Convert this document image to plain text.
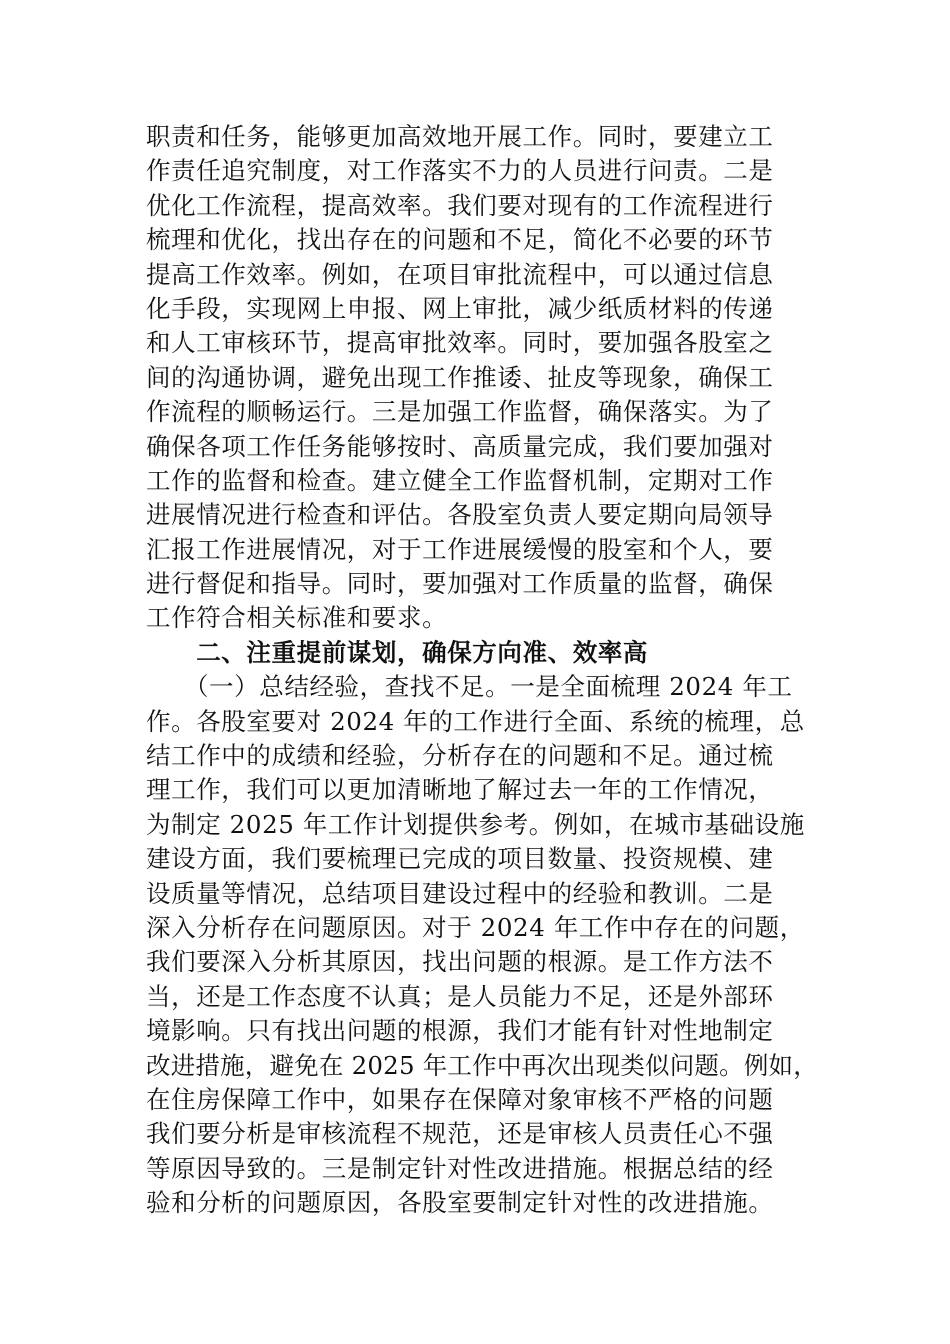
职责和任务，能够更加高效地开展工作。同时，要建立工
作责任追究制度，对工作落实不力的人员进行问责。二是
优化工作流程，提高效率。我们要对现有的工作流程进行
梳理和优化，找出存在的问题和不足，简化不必要的环节
提高工作效率。例如，在项目审批流程中，可以通过信息
化手段，实现网上申报、网上审批，减少纸质材料的传递
和人工审核环节，提高审批效率。同时，要加强各股室之
间的沟通协调，避免出现工作推诿、扯皮等现象，确保工
作流程的顺畅运行。三是加强工作监督，确保落实。为了
确保各项工作任务能够按时、高质量完成，我们要加强对
工作的监督和检查。建立健全工作监督机制，定期对工作
进展情况进行检查和评估。各股室负责人要定期向局领导
汇报工作进展情况，对于工作进展缓慢的股室和个人，要
进行督促和指导。同时，要加强对工作质量的监督，确保
工作符合相关标准和要求。
　　二、注重提前谋划，确保方向准、效率高
　　（一）总结经验，查找不足。一是全面梳理 2024 年工
作。各股室要对 2024 年的工作进行全面、系统的梳理，总
结工作中的成绩和经验，分析存在的问题和不足。通过梳
理工作，我们可以更加清晰地了解过去一年的工作情况，
为制定 2025 年工作计划提供参考。例如，在城市基础设施
建设方面，我们要梳理已完成的项目数量、投资规模、建
设质量等情况，总结项目建设过程中的经验和教训。二是
深入分析存在问题原因。对于 2024 年工作中存在的问题，
我们要深入分析其原因，找出问题的根源。是工作方法不
当，还是工作态度不认真；是人员能力不足，还是外部环
境影响。只有找出问题的根源，我们才能有针对性地制定
改进措施，避免在 2025 年工作中再次出现类似问题。例如，
在住房保障工作中，如果存在保障对象审核不严格的问题
我们要分析是审核流程不规范，还是审核人员责任心不强
等原因导致的。三是制定针对性改进措施。根据总结的经
验和分析的问题原因，各股室要制定针对性的改进措施。
